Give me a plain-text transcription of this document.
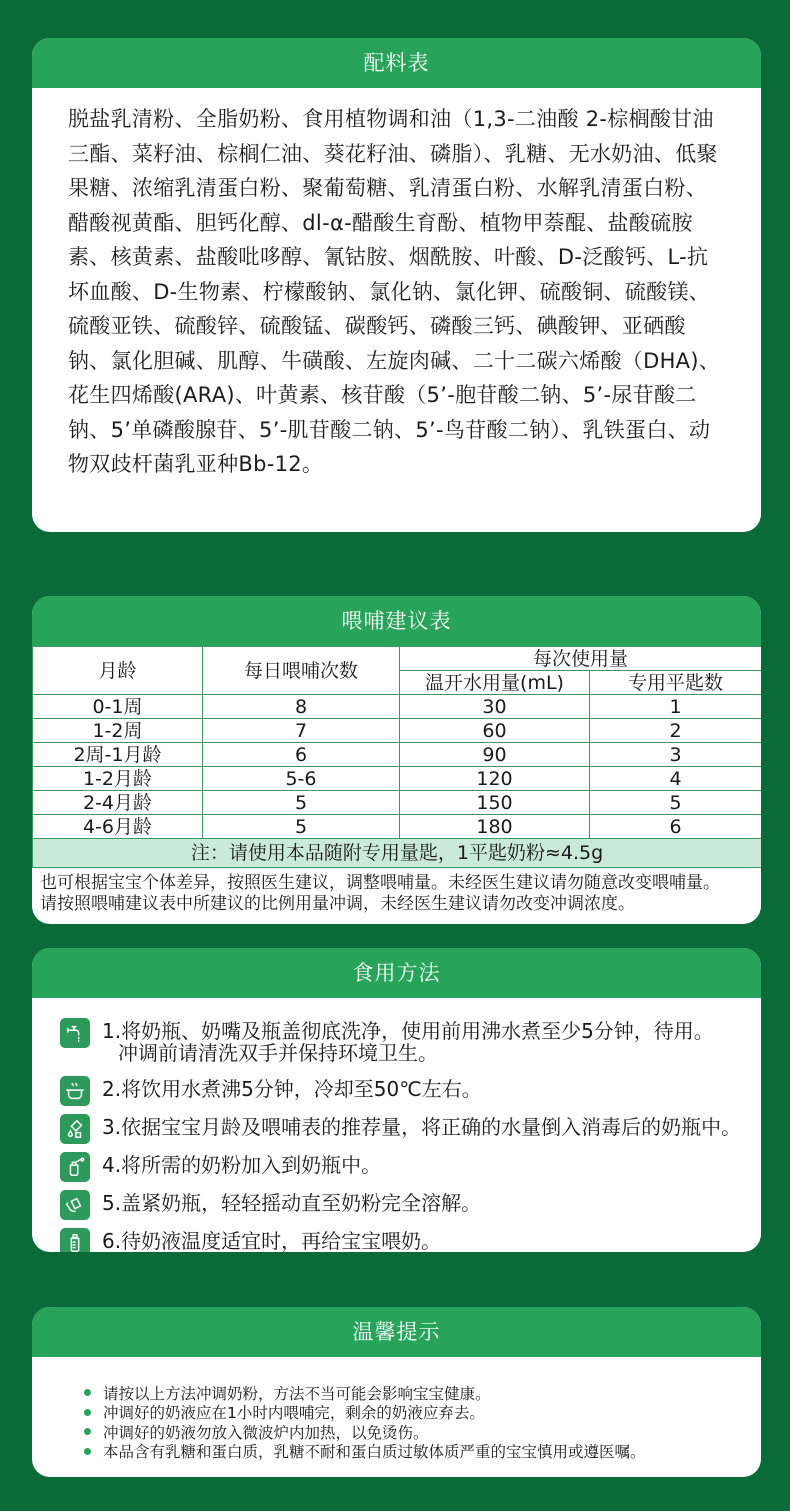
配料表

脱盐乳清粉、全脂奶粉、食用植物调和油（1,3-二油酸 2-棕榈酸甘油三酯、菜籽油、棕榈仁油、葵花籽油、磷脂）、乳糖、无水奶油、低聚果糖、浓缩乳清蛋白粉、聚葡萄糖、乳清蛋白粉、水解乳清蛋白粉、醋酸视黄酯、胆钙化醇、dl-α-醋酸生育酚、植物甲萘醌、盐酸硫胺素、核黄素、盐酸吡哆醇、氰钴胺、烟酰胺、叶酸、D-泛酸钙、L-抗坏血酸、D-生物素、柠檬酸钠、氯化钠、氯化钾、硫酸铜、硫酸镁、硫酸亚铁、硫酸锌、硫酸锰、碳酸钙、磷酸三钙、碘酸钾、亚硒酸钠、氯化胆碱、肌醇、牛磺酸、左旋肉碱、二十二碳六烯酸（DHA)、花生四烯酸(ARA)、叶黄素、核苷酸（5’-胞苷酸二钠、5’-尿苷酸二钠、5’单磷酸腺苷、5’-肌苷酸二钠、5’-鸟苷酸二钠）、乳铁蛋白、动物双歧杆菌乳亚种Bb-12。

喂哺建议表
月龄	每日喂哺次数	每次使用量	
		温开水用量(mL)	专用平匙数
0-1周	8	30	1
1-2周	7	60	2
2周-1月龄	6	90	3
1-2月龄	5-6	120	4
2-4月龄	5	150	5
4-6月龄	5	180	6
注：请使用本品随附专用量匙，1平匙奶粉≈4.5g			
也可根据宝宝个体差异，按照医生建议，调整喂哺量。未经医生建议请勿随意改变喂哺量。
请按照喂哺建议表中所建议的比例用量冲调，未经医生建议请勿改变冲调浓度。
食用方法
1.将奶瓶、奶嘴及瓶盖彻底洗净，使用前用沸水煮至少5分钟，待用。
冲调前请清洗双手并保持环境卫生。
2.将饮用水煮沸5分钟，冷却至50℃左右。
3.依据宝宝月龄及喂哺表的推荐量，将正确的水量倒入消毒后的奶瓶中。
4.将所需的奶粉加入到奶瓶中。
5.盖紧奶瓶，轻轻摇动直至奶粉完全溶解。
6.待奶液温度适宜时，再给宝宝喂奶。
温馨提示
请按以上方法冲调奶粉，方法不当可能会影响宝宝健康。
冲调好的奶液应在1小时内喂哺完，剩余的奶液应弃去。
冲调好的奶液勿放入微波炉内加热，以免烫伤。
本品含有乳糖和蛋白质，乳糖不耐和蛋白质过敏体质严重的宝宝慎用或遵医嘱。
